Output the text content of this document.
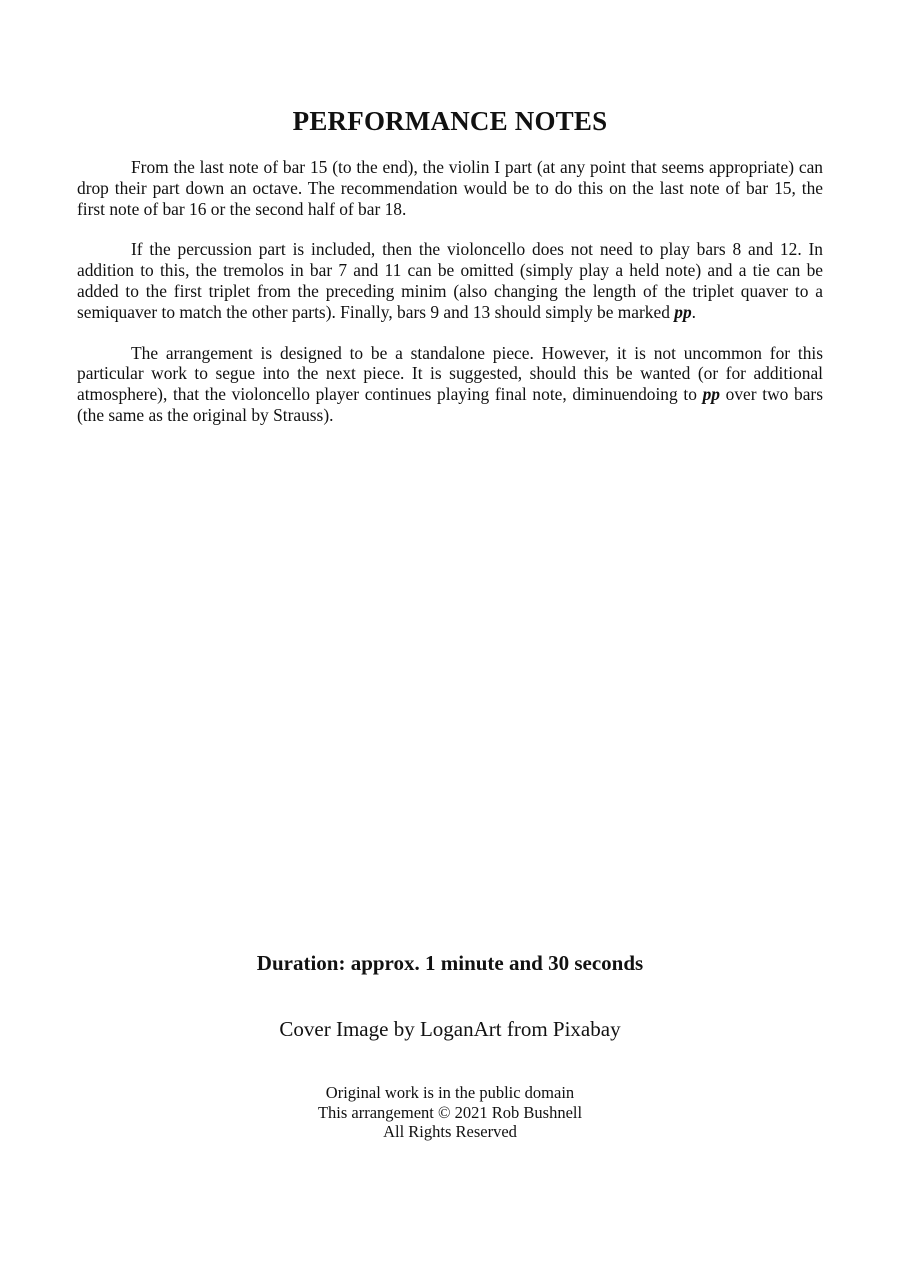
PERFORMANCE NOTES

From the last note of bar 15 (to the end), the violin I part (at any point that seems appropriate) can drop their part down an octave. The recommendation would be to do this on the last note of bar 15, the first note of bar 16 or the second half of bar 18.

If the percussion part is included, then the violoncello does not need to play bars 8 and 12. In addition to this, the tremolos in bar 7 and 11 can be omitted (simply play a held note) and a tie can be added to the first triplet from the preceding minim (also changing the length of the triplet quaver to a semiquaver to match the other parts). Finally, bars 9 and 13 should simply be marked pp.

The arrangement is designed to be a standalone piece. However, it is not uncommon for this particular work to segue into the next piece. It is suggested, should this be wanted (or for additional atmosphere), that the violoncello player continues playing final note, diminuendoing to pp over two bars (the same as the original by Strauss).

Duration: approx. 1 minute and 30 seconds
Cover Image by LoganArt from Pixabay
Original work is in the public domain
This arrangement © 2021 Rob Bushnell
All Rights Reserved
